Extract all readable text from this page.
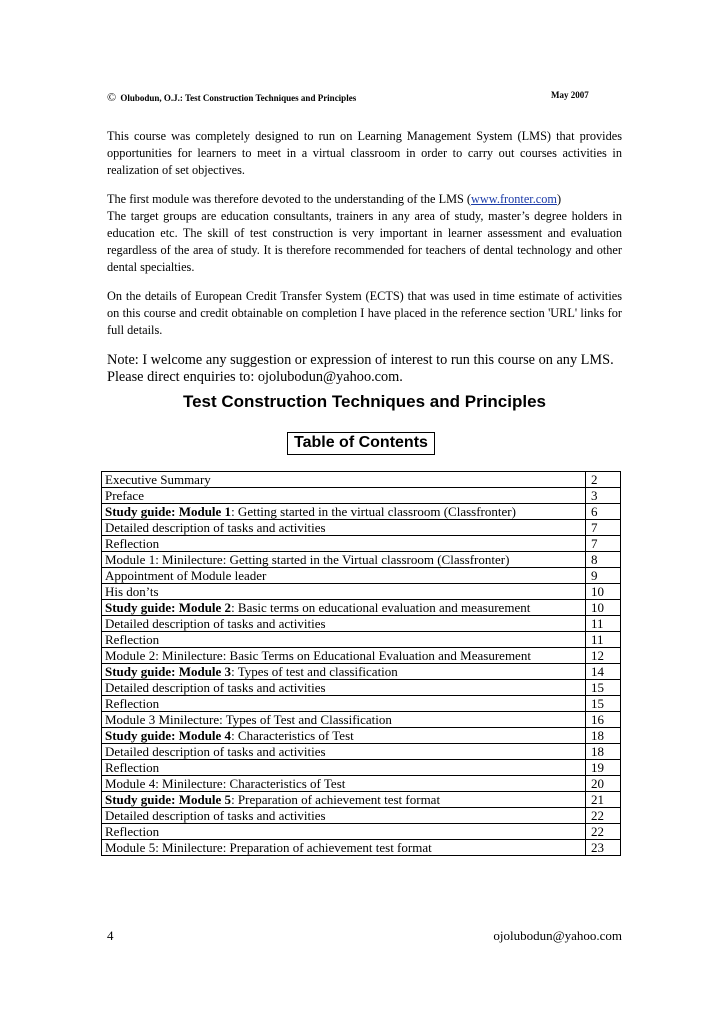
© Olubodun, O.J.: Test Construction Techniques and Principles	May 2007

This course was completely designed to run on Learning Management System (LMS) that provides opportunities for learners to meet in a virtual classroom in order to carry out courses activities in realization of set objectives.

The first module was therefore devoted to the understanding of the LMS (www.fronter.com)

The target groups are education consultants, trainers in any area of study, master’s degree holders in education etc. The skill of test construction is very important in learner assessment and evaluation regardless of the area of study. It is therefore recommended for teachers of dental technology and other dental specialties.

On the details of European Credit Transfer System (ECTS) that was used in time estimate of activities on this course and credit obtainable on completion I have placed in the reference section 'URL' links for full details.

Note: I welcome any suggestion or expression of interest to run this course on any LMS.
Please direct enquiries to: ojolubodun@yahoo.com.

Test Construction Techniques and Principles
Table of Contents
Executive Summary	2
Preface	3
Study guide: Module 1: Getting started in the virtual classroom (Classfronter)	6
Detailed description of tasks and activities	7
Reflection	7
Module 1: Minilecture: Getting started in the Virtual classroom (Classfronter)	8
Appointment of Module leader	9
His don’ts	10
Study guide: Module 2: Basic terms on educational evaluation and measurement	10
Detailed description of tasks and activities	11
Reflection	11
Module 2: Minilecture: Basic Terms on Educational Evaluation and Measurement	12
Study guide: Module 3: Types of test and classification	14
Detailed description of tasks and activities	15
Reflection	15
Module 3 Minilecture: Types of Test and Classification	16
Study guide: Module 4: Characteristics of Test	18
Detailed description of tasks and activities	18
Reflection	19
Module 4: Minilecture: Characteristics of Test	20
Study guide: Module 5: Preparation of achievement test format	21
Detailed description of tasks and activities	22
Reflection	22
Module 5: Minilecture: Preparation of achievement test format	23
4	ojolubodun@yahoo.com
